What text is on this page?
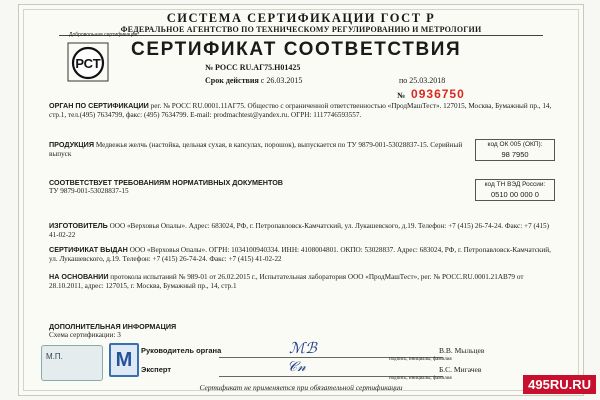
СИСТЕМА СЕРТИФИКАЦИИ ГОСТ Р
ФЕДЕРАЛЬНОЕ АГЕНТСТВО ПО ТЕХНИЧЕСКОМУ РЕГУЛИРОВАНИЮ И МЕТРОЛОГИИ
Добровольная сертификация
РСТ
СЕРТИФИКАТ СООТВЕТСТВИЯ
№ РОСС RU.AГ75.H01425
Срок действия с 26.03.2015	по 25.03.2018
№ 0936750
ОРГАН ПО СЕРТИФИКАЦИИ рег. № РОСС RU.0001.11АГ75. Общество с ограниченной ответственностью «ПродМашТест». 127015, Москва, Бумажный пр., 14, стр.1, тел.(495) 7634799, факс: (495) 7634799. E-mail: prodmachtest@yandex.ru. ОГРН: 1117746593557.
ПРОДУКЦИЯ Медвежья желчь (настойка, цельная сухая, в капсулах, порошок), выпускается по ТУ 9879-001-53028837-15. Серийный выпуск
код ОК 005 (ОКП):
98 7950
СООТВЕТСТВУЕТ ТРЕБОВАНИЯМ НОРМАТИВНЫХ ДОКУМЕНТОВ
ТУ 9879-001-53028837-15
код ТН ВЭД России:
0510 00 000 0
ИЗГОТОВИТЕЛЬ ООО «Верховья Опалы». Адрес: 683024, РФ, г. Петропавловск-Камчатский, ул. Лукашевского, д.19. Телефон: +7 (415) 26-74-24. Факс: +7 (415) 41-02-22
СЕРТИФИКАТ ВЫДАН ООО «Верховья Опалы». ОГРН: 1034100940334. ИНН: 4108004801. ОКПО: 53028837. Адрес: 683024, РФ, г. Петропавловск-Камчатский, ул. Лукашевского, д.19. Телефон: +7 (415) 26-74-24. Факс: +7 (415) 41-02-22
НА ОСНОВАНИИ протокола испытаний № 989-01 от 26.02.2015 г., Испытательная лаборатория ООО «ПродМашТест», рег. № РОСС.RU.0001.21АВ79 от 28.10.2011, адрес: 127015, г. Москва, Бумажный пр., 14, стр.1
ДОПОЛНИТЕЛЬНАЯ ИНФОРМАЦИЯ
Схема сертификации: 3
М.П.	M	Руководитель органа	В.В. Мыльцев
ℳℬ
подпись, инициалы, фамилия
Эксперт	Б.С. Мигачев
𝒞𝓃
подпись, инициалы, фамилия
Сертификат не применяется при обязательной сертификации	495RU.RU
